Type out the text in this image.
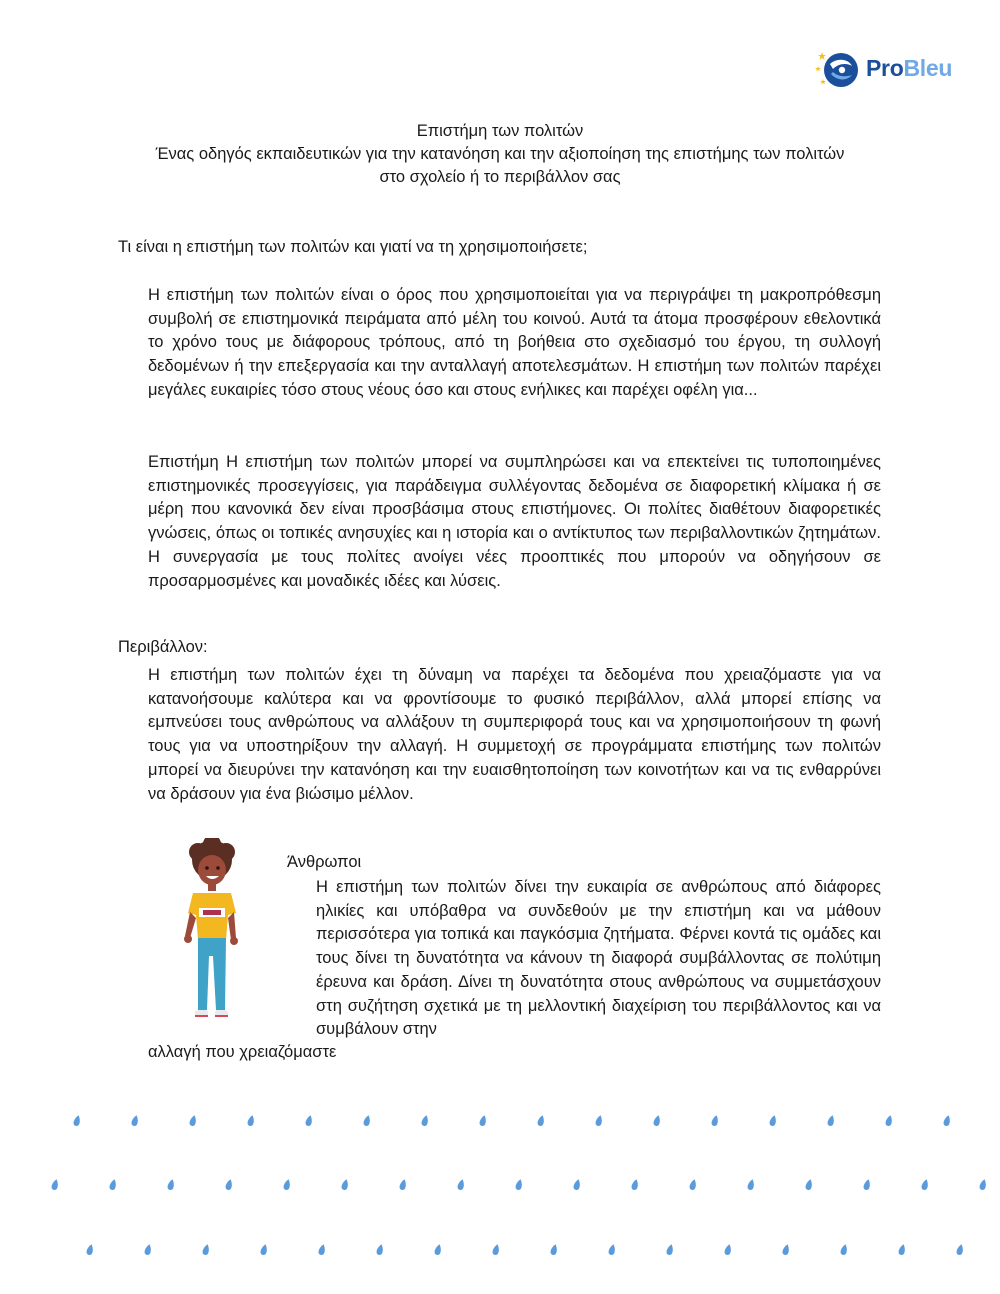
ProBleu
Επιστήμη των πολιτών
Ένας οδηγός εκπαιδευτικών για την κατανόηση και την αξιοποίηση της επιστήμης των πολιτών
στο σχολείο ή το περιβάλλον σας
Τι είναι η επιστήμη των πολιτών και γιατί να τη χρησιμοποιήσετε;
Η επιστήμη των πολιτών είναι ο όρος που χρησιμοποιείται για να περιγράψει τη μακροπρόθεσμη συμβολή σε επιστημονικά πειράματα από μέλη του κοινού. Αυτά τα άτομα προσφέρουν εθελοντικά το χρόνο τους με διάφορους τρόπους, από τη βοήθεια στο σχεδιασμό του έργου, τη συλλογή δεδομένων ή την επεξεργασία και την ανταλλαγή αποτελεσμάτων. Η επιστήμη των πολιτών παρέχει μεγάλες ευκαιρίες τόσο στους νέους όσο και στους ενήλικες και παρέχει οφέλη για...
Επιστήμη Η επιστήμη των πολιτών μπορεί να συμπληρώσει και να επεκτείνει τις τυποποιημένες επιστημονικές προσεγγίσεις, για παράδειγμα συλλέγοντας δεδομένα σε διαφορετική κλίμακα ή σε μέρη που κανονικά δεν είναι προσβάσιμα στους επιστήμονες. Οι πολίτες διαθέτουν διαφορετικές γνώσεις, όπως οι τοπικές ανησυχίες και η ιστορία και ο αντίκτυπος των περιβαλλοντικών ζητημάτων. Η συνεργασία με τους πολίτες ανοίγει νέες προοπτικές που μπορούν να οδηγήσουν σε προσαρμοσμένες και μοναδικές ιδέες και λύσεις.
Περιβάλλον:
Η επιστήμη των πολιτών έχει τη δύναμη να παρέχει τα δεδομένα που χρειαζόμαστε για να κατανοήσουμε καλύτερα και να φροντίσουμε το φυσικό περιβάλλον, αλλά μπορεί επίσης να εμπνεύσει τους ανθρώπους να αλλάξουν τη συμπεριφορά τους και να χρησιμοποιήσουν τη φωνή τους για να υποστηρίξουν την αλλαγή. Η συμμετοχή σε προγράμματα επιστήμης των πολιτών μπορεί να διευρύνει την κατανόηση και την ευαισθητοποίηση των κοινοτήτων και να τις ενθαρρύνει να δράσουν για ένα βιώσιμο μέλλον.
Άνθρωποι
Η επιστήμη των πολιτών δίνει την ευκαιρία σε ανθρώπους από διάφορες ηλικίες και υπόβαθρα να συνδεθούν με την επιστήμη και να μάθουν περισσότερα για τοπικά και παγκόσμια ζητήματα. Φέρνει κοντά τις ομάδες και τους δίνει τη δυνατότητα να κάνουν τη διαφορά συμβάλλοντας σε πολύτιμη έρευνα και δράση. Δίνει τη δυνατότητα στους ανθρώπους να συμμετάσχουν στη συζήτηση σχετικά με τη μελλοντική διαχείριση του περιβάλλοντος και να συμβάλουν στην
αλλαγή που χρειαζόμαστε
